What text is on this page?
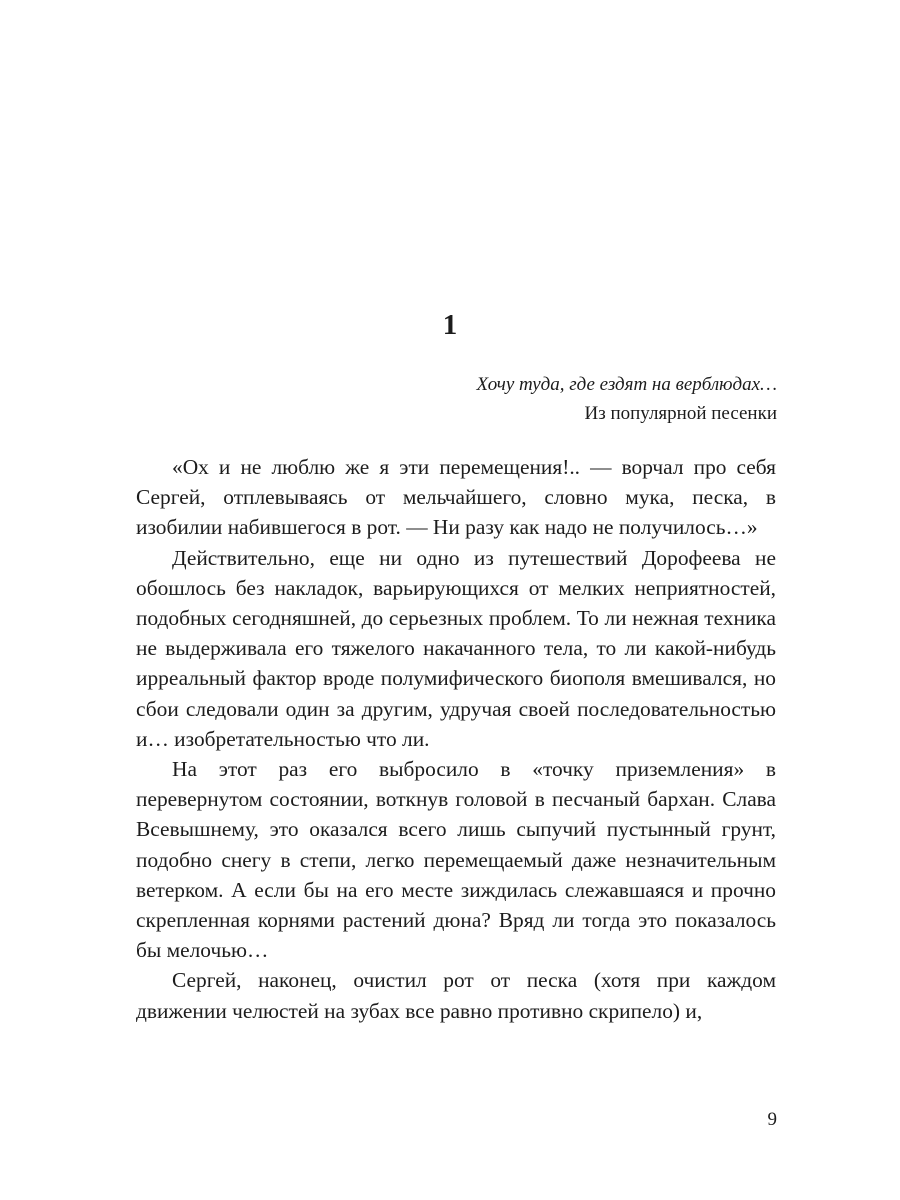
1
Хочу туда, где ездят на верблюдах…
Из популярной песенки

«Ох и не люблю же я эти перемещения!.. — ворчал про себя Сергей, отплевываясь от мельчайшего, словно мука, песка, в изобилии набившегося в рот. — Ни разу как надо не получилось…»

Действительно, еще ни одно из путешествий Дорофеева не обошлось без накладок, варьирующихся от мелких неприятностей, подобных сегодняшней, до серьезных проблем. То ли нежная техника не выдерживала его тяжелого накачанного тела, то ли какой-нибудь ирреальный фактор вроде полумифического биополя вмешивался, но сбои следовали один за другим, удручая своей последовательностью и… изобретательностью что ли.

На этот раз его выбросило в «точку приземления» в перевернутом состоянии, воткнув головой в песчаный бархан. Слава Всевышнему, это оказался всего лишь сыпучий пустынный грунт, подобно снегу в степи, легко перемещаемый даже незначительным ветерком. А если бы на его месте зиждилась слежавшаяся и прочно скрепленная корнями растений дюна? Вряд ли тогда это показалось бы мелочью…

Сергей, наконец, очистил рот от песка (хотя при каждом движении челюстей на зубах все равно противно скрипело) и,

9
